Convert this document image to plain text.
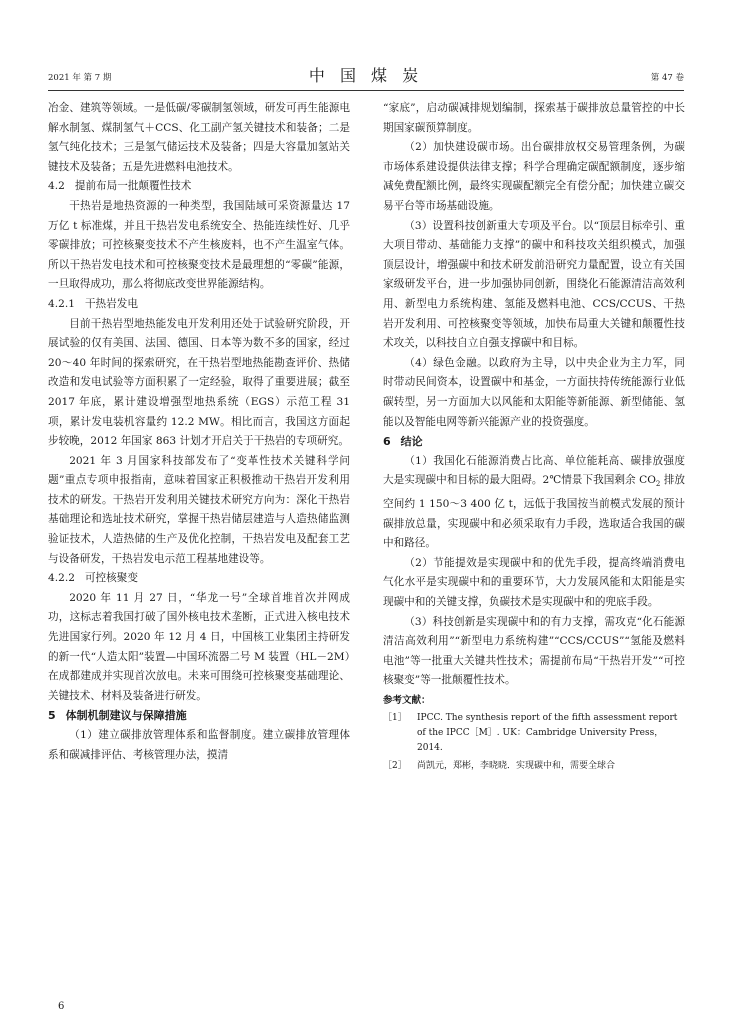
2021 年 第 7 期	中 国 煤 炭	第 47 卷

冶金、建筑等领域。一是低碳/零碳制氢领域，研发可再生能源电解水制氢、煤制氢气＋CCS、化工副产氢关键技术和装备；二是氢气纯化技术；三是氢气储运技术及装备；四是大容量加氢站关键技术及装备；五是先进燃料电池技术。

4.2 提前布局一批颠覆性技术

干热岩是地热资源的一种类型，我国陆域可采资源量达 17 万亿 t 标准煤，并且干热岩发电系统安全、热能连续性好、几乎零碳排放；可控核聚变技术不产生核废料，也不产生温室气体。所以干热岩发电技术和可控核聚变技术是最理想的“零碳”能源，一旦取得成功，那么将彻底改变世界能源结构。

4.2.1 干热岩发电

目前干热岩型地热能发电开发利用还处于试验研究阶段，开展试验的仅有美国、法国、德国、日本等为数不多的国家，经过 20～40 年时间的探索研究，在干热岩型地热能勘查评价、热储改造和发电试验等方面积累了一定经验，取得了重要进展；截至 2017 年底，累计建设增强型地热系统（EGS）示范工程 31 项，累计发电装机容量约 12.2 MW。相比而言，我国这方面起步较晚，2012 年国家 863 计划才开启关于干热岩的专项研究。

2021 年 3 月国家科技部发布了“变革性技术关键科学问题”重点专项申报指南，意味着国家正积极推动干热岩开发利用技术的研发。干热岩开发利用关键技术研究方向为：深化干热岩基础理论和选址技术研究，掌握干热岩储层建造与人造热储监测验证技术，人造热储的生产及优化控制，干热岩发电及配套工艺与设备研发，干热岩发电示范工程基地建设等。

4.2.2 可控核聚变

2020 年 11 月 27 日，“华龙一号”全球首堆首次并网成功，这标志着我国打破了国外核电技术垄断，正式进入核电技术先进国家行列。2020 年 12 月 4 日，中国核工业集团主持研发的新一代“人造太阳”装置—中国环流器二号 M 装置（HL－2M）在成都建成并实现首次放电。未来可围绕可控核聚变基础理论、关键技术、材料及装备进行研发。

5 体制机制建议与保障措施

（1）建立碳排放管理体系和监督制度。建立碳排放管理体系和碳减排评估、考核管理办法，摸清

“家底”，启动碳减排规划编制，探索基于碳排放总量管控的中长期国家碳预算制度。

（2）加快建设碳市场。出台碳排放权交易管理条例，为碳市场体系建设提供法律支撑；科学合理确定碳配额制度，逐步缩减免费配额比例，最终实现碳配额完全有偿分配；加快建立碳交易平台等市场基础设施。

（3）设置科技创新重大专项及平台。以“顶层目标牵引、重大项目带动、基础能力支撑”的碳中和科技攻关组织模式，加强顶层设计，增强碳中和技术研发前沿研究力量配置，设立有关国家级研发平台，进一步加强协同创新，围绕化石能源清洁高效利用、新型电力系统构建、氢能及燃料电池、CCS/CCUS、干热岩开发利用、可控核聚变等领域，加快布局重大关键和颠覆性技术攻关，以科技自立自强支撑碳中和目标。

（4）绿色金融。以政府为主导，以中央企业为主力军，同时带动民间资本，设置碳中和基金，一方面扶持传统能源行业低碳转型，另一方面加大以风能和太阳能等新能源、新型储能、氢能以及智能电网等新兴能源产业的投资强度。

6 结论

（1）我国化石能源消费占比高、单位能耗高、碳排放强度大是实现碳中和目标的最大阻碍。2℃情景下我国剩余 $CO_2$ 排放空间约 1 150～3 400 亿 t，远低于我国按当前模式发展的预计碳排放总量，实现碳中和必须采取有力手段，选取适合我国的碳中和路径。

（2）节能提效是实现碳中和的优先手段，提高终端消费电气化水平是实现碳中和的重要环节，大力发展风能和太阳能是实现碳中和的关键支撑，负碳技术是实现碳中和的兜底手段。

（3）科技创新是实现碳中和的有力支撑，需攻克“化石能源清洁高效利用”“新型电力系统构建”“CCS/CCUS”“氢能及燃料电池”等一批重大关键共性技术；需提前布局“干热岩开发”“可控核聚变”等一批颠覆性技术。

参考文献：

［1］	IPCC. The synthesis report of the fifth assessment report of the IPCC［M］. UK：Cambridge University Press，2014.
［2］	尚凯元，郑彬，李晓晓．实现碳中和，需要全球合
6
